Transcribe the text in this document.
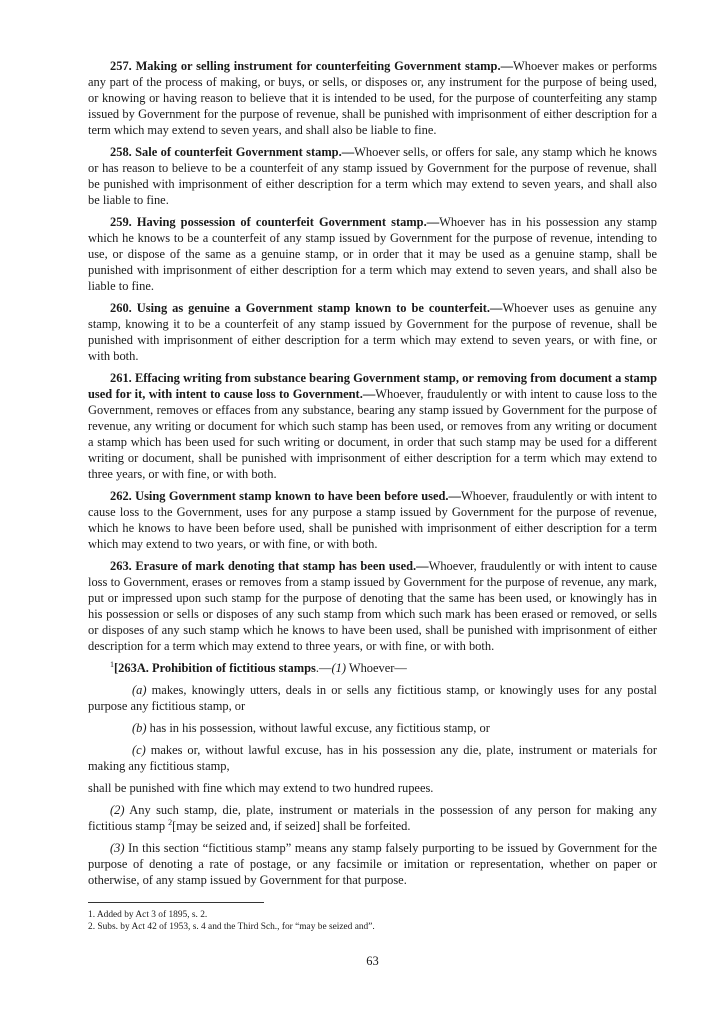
257. Making or selling instrument for counterfeiting Government stamp.—Whoever makes or performs any part of the process of making, or buys, or sells, or disposes or, any instrument for the purpose of being used, or knowing or having reason to believe that it is intended to be used, for the purpose of counterfeiting any stamp issued by Government for the purpose of revenue, shall be punished with imprisonment of either description for a term which may extend to seven years, and shall also be liable to fine.

258. Sale of counterfeit Government stamp.—Whoever sells, or offers for sale, any stamp which he knows or has reason to believe to be a counterfeit of any stamp issued by Government for the purpose of revenue, shall be punished with imprisonment of either description for a term which may extend to seven years, and shall also be liable to fine.

259. Having possession of counterfeit Government stamp.—Whoever has in his possession any stamp which he knows to be a counterfeit of any stamp issued by Government for the purpose of revenue, intending to use, or dispose of the same as a genuine stamp, or in order that it may be used as a genuine stamp, shall be punished with imprisonment of either description for a term which may extend to seven years, and shall also be liable to fine.

260. Using as genuine a Government stamp known to be counterfeit.—Whoever uses as genuine any stamp, knowing it to be a counterfeit of any stamp issued by Government for the purpose of revenue, shall be punished with imprisonment of either description for a term which may extend to seven years, or with fine, or with both.

261. Effacing writing from substance bearing Government stamp, or removing from document a stamp used for it, with intent to cause loss to Government.—Whoever, fraudulently or with intent to cause loss to the Government, removes or effaces from any substance, bearing any stamp issued by Government for the purpose of revenue, any writing or document for which such stamp has been used, or removes from any writing or document a stamp which has been used for such writing or document, in order that such stamp may be used for a different writing or document, shall be punished with imprisonment of either description for a term which may extend to three years, or with fine, or with both.

262. Using Government stamp known to have been before used.—Whoever, fraudulently or with intent to cause loss to the Government, uses for any purpose a stamp issued by Government for the purpose of revenue, which he knows to have been before used, shall be punished with imprisonment of either description for a term which may extend to two years, or with fine, or with both.

263. Erasure of mark denoting that stamp has been used.—Whoever, fraudulently or with intent to cause loss to Government, erases or removes from a stamp issued by Government for the purpose of revenue, any mark, put or impressed upon such stamp for the purpose of denoting that the same has been used, or knowingly has in his possession or sells or disposes of any such stamp from which such mark has been erased or removed, or sells or disposes of any such stamp which he knows to have been used, shall be punished with imprisonment of either description for a term which may extend to three years, or with fine, or with both.

$^1$[263A. Prohibition of fictitious stamps.—(1) Whoever—

(a) makes, knowingly utters, deals in or sells any fictitious stamp, or knowingly uses for any postal purpose any fictitious stamp, or

(b) has in his possession, without lawful excuse, any fictitious stamp, or

(c) makes or, without lawful excuse, has in his possession any die, plate, instrument or materials for making any fictitious stamp,

shall be punished with fine which may extend to two hundred rupees.

(2) Any such stamp, die, plate, instrument or materials in the possession of any person for making any fictitious stamp $^2$[may be seized and, if seized] shall be forfeited.

(3) In this section “fictitious stamp” means any stamp falsely purporting to be issued by Government for the purpose of denoting a rate of postage, or any facsimile or imitation or representation, whether on paper or otherwise, of any stamp issued by Government for that purpose.

1. Added by Act 3 of 1895, s. 2.

2. Subs. by Act 42 of 1953, s. 4 and the Third Sch., for “may be seized and”.

63
